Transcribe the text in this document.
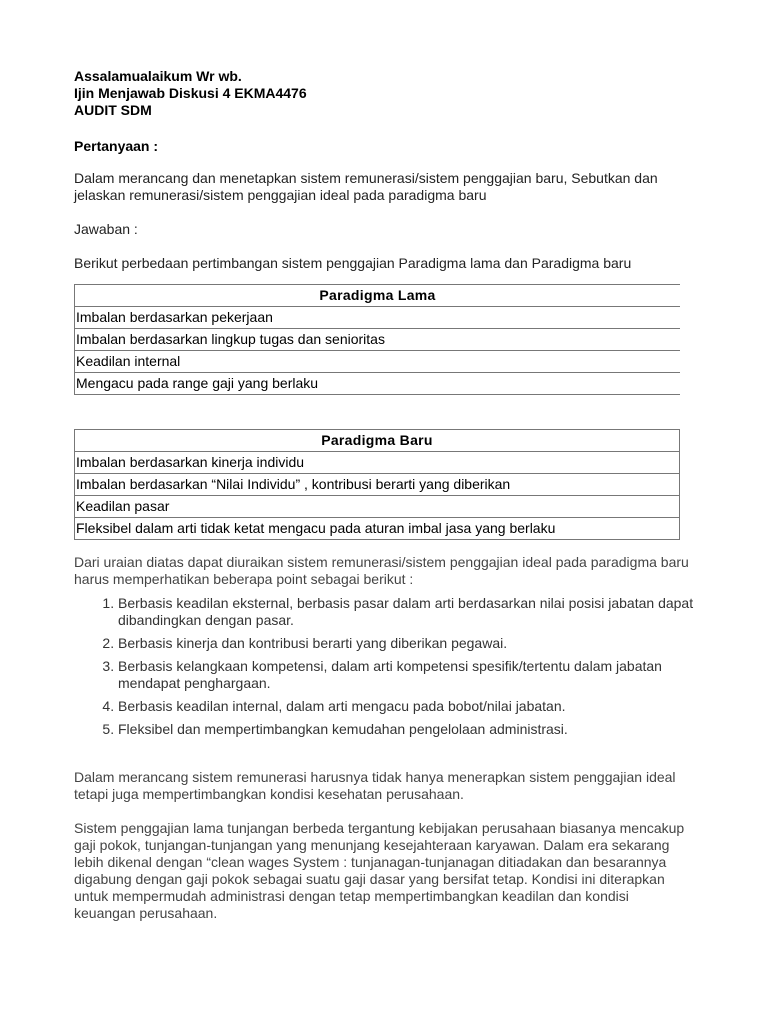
Assalamualaikum Wr wb.
Ijin Menjawab Diskusi 4 EKMA4476
AUDIT SDM
Pertanyaan :
Dalam merancang dan menetapkan sistem remunerasi/sistem penggajian baru, Sebutkan dan jelaskan remunerasi/sistem penggajian ideal pada paradigma baru
Jawaban :
Berikut perbedaan pertimbangan sistem penggajian Paradigma lama dan Paradigma baru
Paradigma Lama
Imbalan berdasarkan pekerjaan
Imbalan berdasarkan lingkup tugas dan senioritas
Keadilan internal
Mengacu pada range gaji yang berlaku
Paradigma Baru
Imbalan berdasarkan kinerja individu
Imbalan berdasarkan “Nilai Individu” , kontribusi berarti yang diberikan
Keadilan pasar
Fleksibel dalam arti tidak ketat mengacu pada aturan imbal jasa yang berlaku
Dari uraian diatas dapat diuraikan sistem remunerasi/sistem penggajian ideal pada paradigma baru harus memperhatikan beberapa point sebagai berikut :
1. Berbasis keadilan eksternal, berbasis pasar dalam arti berdasarkan nilai posisi jabatan dapat dibandingkan dengan pasar.
2. Berbasis kinerja dan kontribusi berarti yang diberikan pegawai.
3. Berbasis kelangkaan kompetensi, dalam arti kompetensi spesifik/tertentu dalam jabatan mendapat penghargaan.
4. Berbasis keadilan internal, dalam arti mengacu pada bobot/nilai jabatan.
5. Fleksibel dan mempertimbangkan kemudahan pengelolaan administrasi.
Dalam merancang sistem remunerasi harusnya tidak hanya menerapkan sistem penggajian ideal tetapi juga mempertimbangkan kondisi kesehatan perusahaan.
Sistem penggajian lama tunjangan berbeda tergantung kebijakan perusahaan biasanya mencakup gaji pokok, tunjangan-tunjangan yang menunjang kesejahteraan karyawan. Dalam era sekarang lebih dikenal dengan “clean wages System : tunjanagan-tunjanagan ditiadakan dan besarannya digabung dengan gaji pokok sebagai suatu gaji dasar yang bersifat tetap. Kondisi ini diterapkan untuk mempermudah administrasi dengan tetap mempertimbangkan keadilan dan kondisi keuangan perusahaan.
